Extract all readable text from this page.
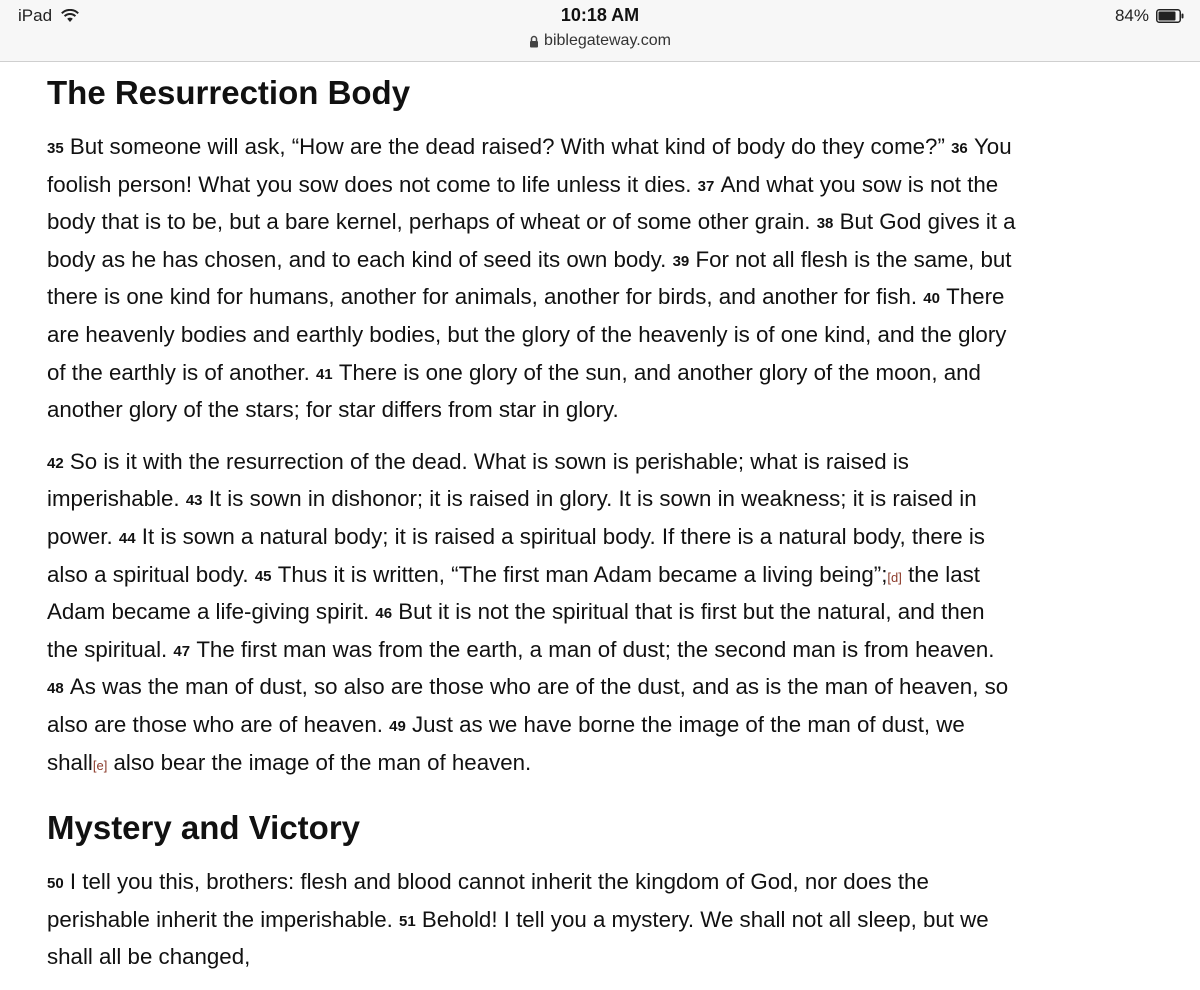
iPad	10:18 AM
biblegateway.com
84%
The Resurrection Body

$^{35}$ But someone will ask, “How are the dead raised? With what kind of body do they come?” $^{36}$ You
foolish person! What you sow does not come to life unless it dies. $^{37}$ And what you sow is not the
body that is to be, but a bare kernel, perhaps of wheat or of some other grain. $^{38}$ But God gives it a
body as he has chosen, and to each kind of seed its own body. $^{39}$ For not all flesh is the same, but
there is one kind for humans, another for animals, another for birds, and another for fish. $^{40}$ There
are heavenly bodies and earthly bodies, but the glory of the heavenly is of one kind, and the glory
of the earthly is of another. $^{41}$ There is one glory of the sun, and another glory of the moon, and
another glory of the stars; for star differs from star in glory.

$^{42}$ So is it with the resurrection of the dead. What is sown is perishable; what is raised is
imperishable. $^{43}$ It is sown in dishonor; it is raised in glory. It is sown in weakness; it is raised in
power. $^{44}$ It is sown a natural body; it is raised a spiritual body. If there is a natural body, there is
also a spiritual body. $^{45}$ Thus it is written, “The first man Adam became a living being”;[d] the last
Adam became a life-giving spirit. $^{46}$ But it is not the spiritual that is first but the natural, and then
the spiritual. $^{47}$ The first man was from the earth, a man of dust; the second man is from heaven.
$^{48}$ As was the man of dust, so also are those who are of the dust, and as is the man of heaven, so
also are those who are of heaven. $^{49}$ Just as we have borne the image of the man of dust, we
shall[e] also bear the image of the man of heaven.

Mystery and Victory

$^{50}$ I tell you this, brothers: flesh and blood cannot inherit the kingdom of God, nor does the
perishable inherit the imperishable. $^{51}$ Behold! I tell you a mystery. We shall not all sleep, but we
shall all be changed,
